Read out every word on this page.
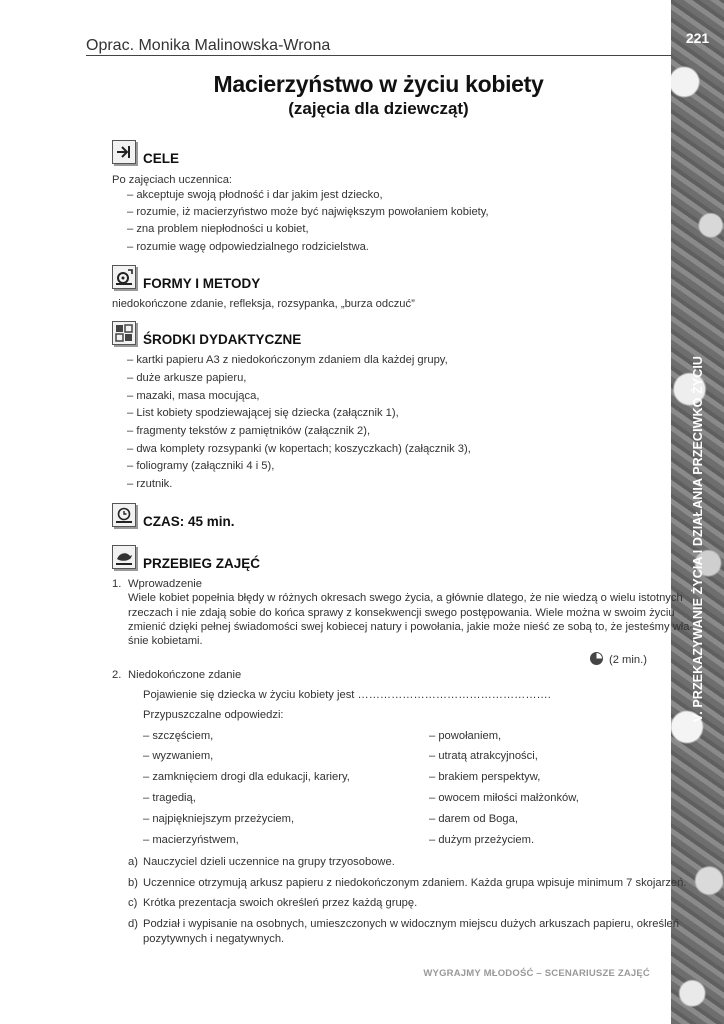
221
V. PRZEKAZYWANIE ŻYCIA I DZIAŁANIA PRZECIWKO ŻYCIU
Oprac. Monika Malinowska-Wrona
Macierzyństwo w życiu kobiety
(zajęcia dla dziewcząt)
CELE
Po zajęciach uczennica:
– akceptuje swoją płodność i dar jakim jest dziecko,
– rozumie, iż macierzyństwo może być największym powołaniem kobiety,
– zna problem niepłodności u kobiet,
– rozumie wagę odpowiedzialnego rodzicielstwa.
FORMY I METODY
niedokończone zdanie, refleksja, rozsypanka, „burza odczuć”
ŚRODKI DYDAKTYCZNE
– kartki papieru A3 z niedokończonym zdaniem dla każdej grupy,
– duże arkusze papieru,
– mazaki, masa mocująca,
– List kobiety spodziewającej się dziecka (załącznik 1),
– fragmenty tekstów z pamiętników (załącznik 2),
– dwa komplety rozsypanki (w kopertach; koszyczkach) (załącznik 3),
– foliogramy (załączniki 4 i 5),
– rzutnik.
CZAS: 45 min.
PRZEBIEG ZAJĘĆ
1. Wprowadzenie
Wiele kobiet popełnia błędy w różnych okresach swego życia, a głównie dlatego, że nie wiedzą o wielu istotnych
rzeczach i nie zdają sobie do końca sprawy z konsekwencji swego postępowania. Wiele można w swoim życiu
zmienić dzięki pełnej świadomości swej kobiecej natury i powołania, jakie może nieść ze sobą to, że jesteśmy wła-
śnie kobietami.
(2 min.)
2. Niedokończone zdanie
Pojawienie się dziecka w życiu kobiety jest …………………………………………….
Przypuszczalne odpowiedzi:
– szczęściem,
– wyzwaniem,
– zamknięciem drogi dla edukacji, kariery,
– tragedią,
– najpiękniejszym przeżyciem,
– macierzyństwem,
– powołaniem,
– utratą atrakcyjności,
– brakiem perspektyw,
– owocem miłości małżonków,
– darem od Boga,
– dużym przeżyciem.
a) Nauczyciel dzieli uczennice na grupy trzyosobowe.
b) Uczennice otrzymują arkusz papieru z niedokończonym zdaniem. Każda grupa wpisuje minimum 7 skojarzeń.
c) Krótka prezentacja swoich określeń przez każdą grupę.
d) Podział i wypisanie na osobnych, umieszczonych w widocznym miejscu dużych arkuszach papieru, określeń
pozytywnych i negatywnych.
WYGRAJMY MŁODOŚĆ – SCENARIUSZE ZAJĘĆ
